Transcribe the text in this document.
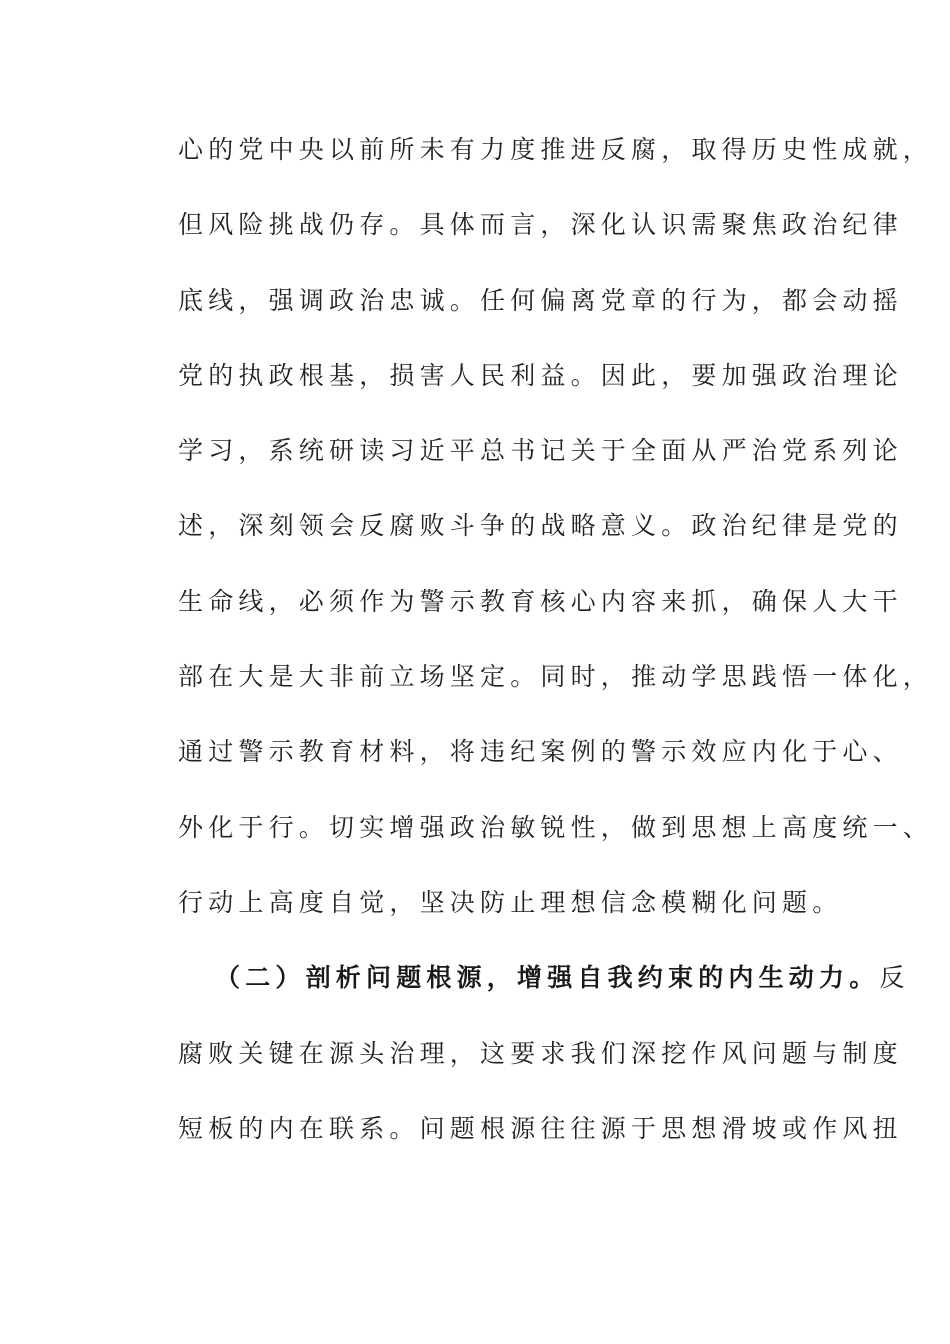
心的党中央以前所未有力度推进反腐，取得历史性成就，
但风险挑战仍存。具体而言，深化认识需聚焦政治纪律
底线，强调政治忠诚。任何偏离党章的行为，都会动摇
党的执政根基，损害人民利益。因此，要加强政治理论
学习，系统研读习近平总书记关于全面从严治党系列论
述，深刻领会反腐败斗争的战略意义。政治纪律是党的
生命线，必须作为警示教育核心内容来抓，确保人大干
部在大是大非前立场坚定。同时，推动学思践悟一体化，
通过警示教育材料，将违纪案例的警示效应内化于心、
外化于行。切实增强政治敏锐性，做到思想上高度统一、
行动上高度自觉，坚决防止理想信念模糊化问题。
（二）剖析问题根源，增强自我约束的内生动力。反
腐败关键在源头治理，这要求我们深挖作风问题与制度
短板的内在联系。问题根源往往源于思想滑坡或作风扭
